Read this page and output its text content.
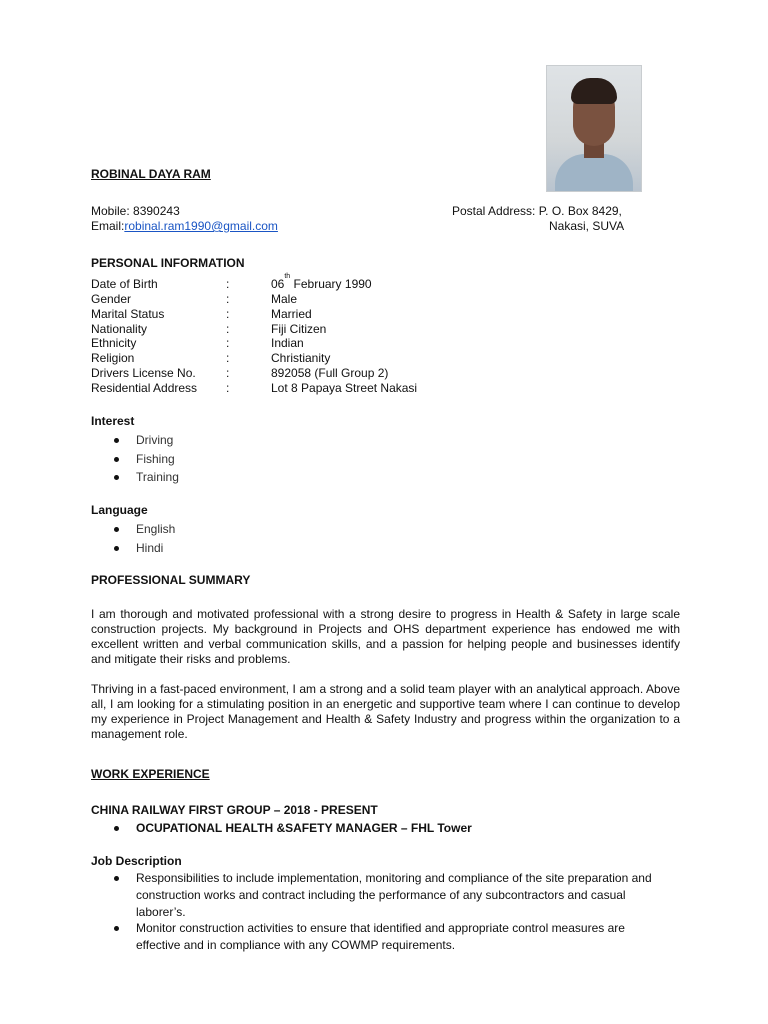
ROBINAL DAYA RAM
Mobile: 8390243
Email:robinal.ram1990@gmail.com
Postal Address: P. O. Box 8429,
Nakasi, SUVA
PERSONAL INFORMATION
Date of Birth	:	06th February 1990
Gender	:	Male
Marital Status	:	Married
Nationality	:	Fiji Citizen
Ethnicity	:	Indian
Religion	:	Christianity
Drivers License No.	:	892058 (Full Group 2)
Residential Address :	Lot 8 Papaya Street Nakasi
Interest
Driving
Fishing
Training
Language
English
Hindi
PROFESSIONAL SUMMARY
I am thorough and motivated professional with a strong desire to progress in Health & Safety in large scale construction projects. My background in Projects and OHS department experience has endowed me with excellent written and verbal communication skills, and a passion for helping people and businesses identify and mitigate their risks and problems.
Thriving in a fast-paced environment, I am a strong and a solid team player with an analytical approach. Above all, I am looking for a stimulating position in an energetic and supportive team where I can continue to develop my experience in Project Management and Health & Safety Industry and progress within the organization to a management role.
WORK EXPERIENCE
CHINA RAILWAY FIRST GROUP – 2018 - PRESENT
OCUPATIONAL HEALTH &SAFETY MANAGER – FHL Tower
Job Description
Responsibilities to include implementation, monitoring and compliance of the site preparation and construction works and contract including the performance of any subcontractors and casual laborer’s.
Monitor construction activities to ensure that identified and appropriate control measures are effective and in compliance with any COWMP requirements.
